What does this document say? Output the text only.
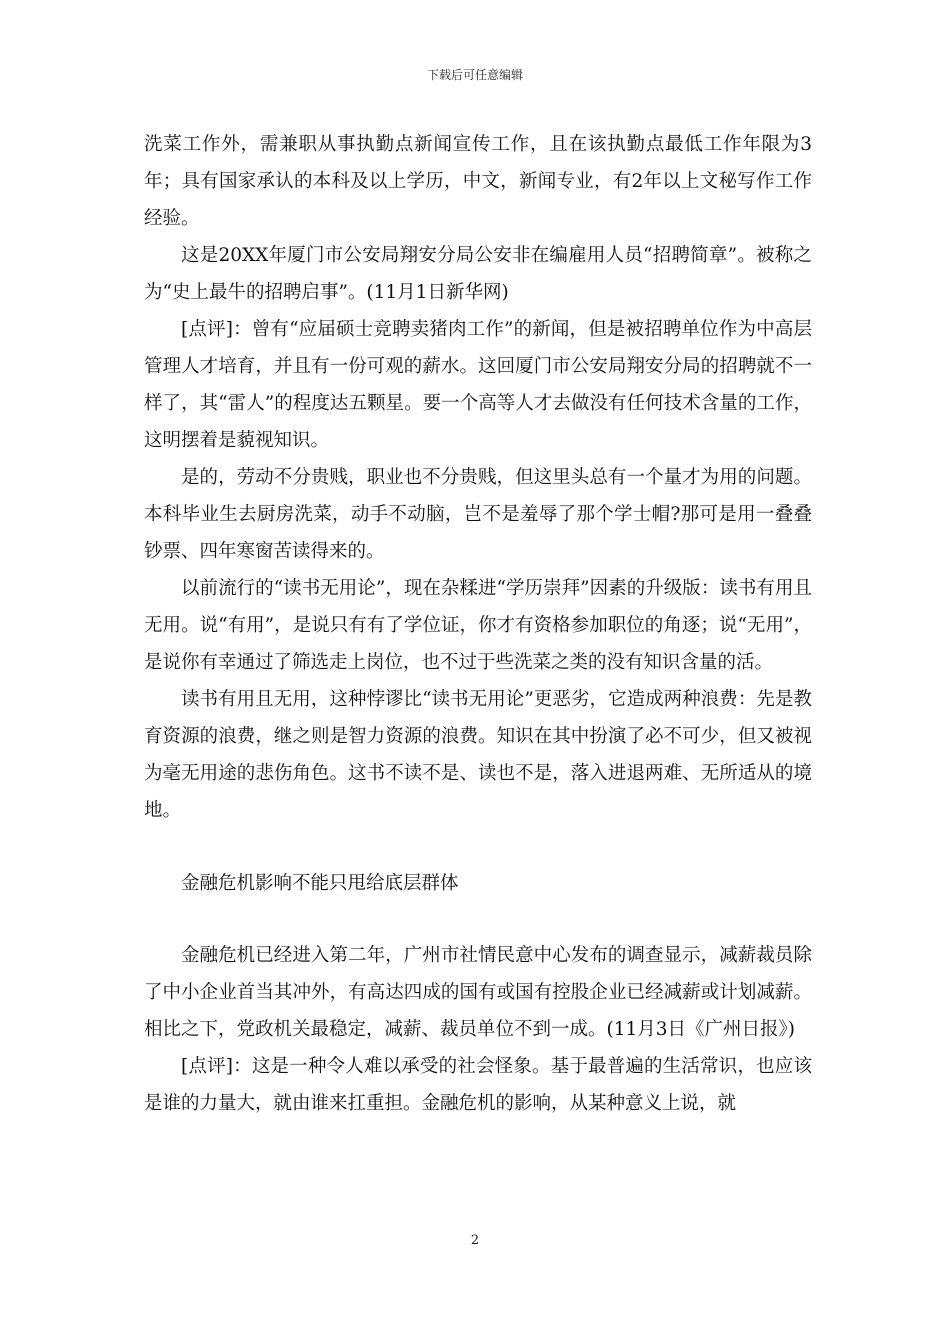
下载后可任意编辑

洗菜工作外，需兼职从事执勤点新闻宣传工作，且在该执勤点最低工作年限为3年；具有国家承认的本科及以上学历，中文，新闻专业，有2年以上文秘写作工作经验。

这是20XX年厦门市公安局翔安分局公安非在编雇用人员“招聘简章”。被称之为“史上最牛的招聘启事”。(11月1日新华网)

[点评]：曾有“应届硕士竞聘卖猪肉工作”的新闻，但是被招聘单位作为中高层管理人才培育，并且有一份可观的薪水。这回厦门市公安局翔安分局的招聘就不一样了，其“雷人”的程度达五颗星。要一个高等人才去做没有任何技术含量的工作，这明摆着是藐视知识。

是的，劳动不分贵贱，职业也不分贵贱，但这里头总有一个量才为用的问题。本科毕业生去厨房洗菜，动手不动脑，岂不是羞辱了那个学士帽?那可是用一叠叠钞票、四年寒窗苦读得来的。

以前流行的“读书无用论”，现在杂糅进“学历崇拜”因素的升级版：读书有用且无用。说“有用”，是说只有有了学位证，你才有资格参加职位的角逐；说“无用”，是说你有幸通过了筛选走上岗位，也不过于些洗菜之类的没有知识含量的活。

读书有用且无用，这种悖谬比“读书无用论”更恶劣，它造成两种浪费：先是教育资源的浪费，继之则是智力资源的浪费。知识在其中扮演了必不可少，但又被视为毫无用途的悲伤角色。这书不读不是、读也不是，落入进退两难、无所适从的境地。

金融危机影响不能只甩给底层群体

金融危机已经进入第二年，广州市社情民意中心发布的调查显示，减薪裁员除了中小企业首当其冲外，有高达四成的国有或国有控股企业已经减薪或计划减薪。相比之下，党政机关最稳定，减薪、裁员单位不到一成。(11月3日《广州日报》)

[点评]：这是一种令人难以承受的社会怪象。基于最普遍的生活常识，也应该是谁的力量大，就由谁来扛重担。金融危机的影响，从某种意义上说，就

2
